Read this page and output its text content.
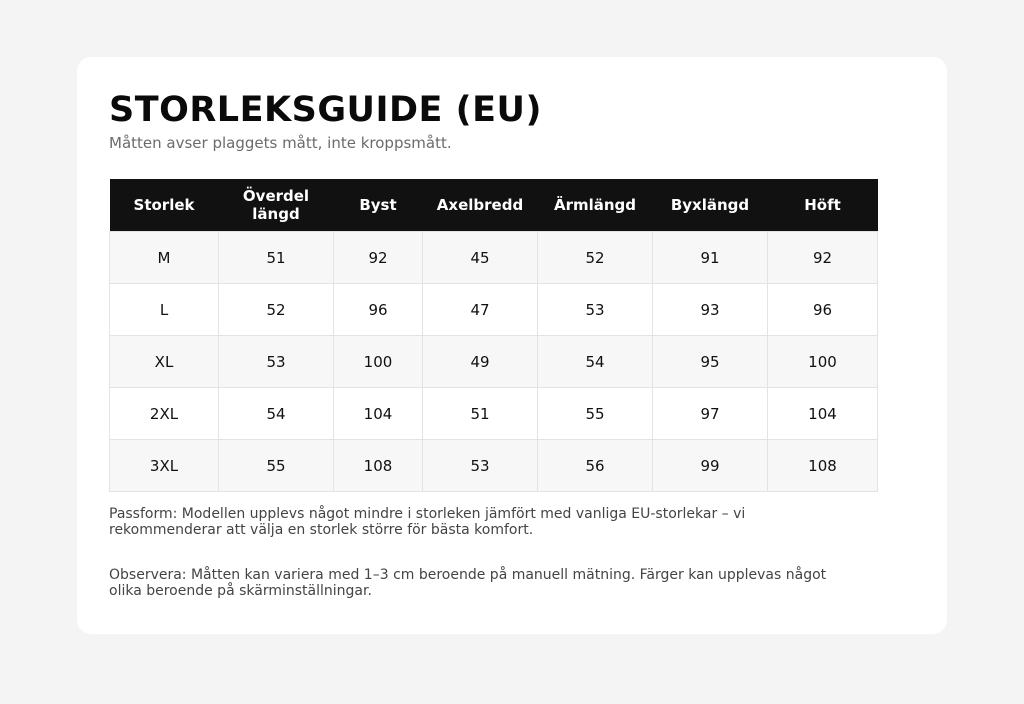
STORLEKSGUIDE (EU)

Måtten avser plaggets mått, inte kroppsmått.

Storlek	Överdel längd	Byst	Axelbredd	Ärmlängd	Byxlängd	Höft
M	51	92	45	52	91	92
L	52	96	47	53	93	96
XL	53	100	49	54	95	100
2XL	54	104	51	55	97	104
3XL	55	108	53	56	99	108

Passform: Modellen upplevs något mindre i storleken jämfört med vanliga EU-storlekar – vi rekommenderar att välja en storlek större för bästa komfort.

Observera: Måtten kan variera med 1–3 cm beroende på manuell mätning. Färger kan upplevas något olika beroende på skärminställningar.
